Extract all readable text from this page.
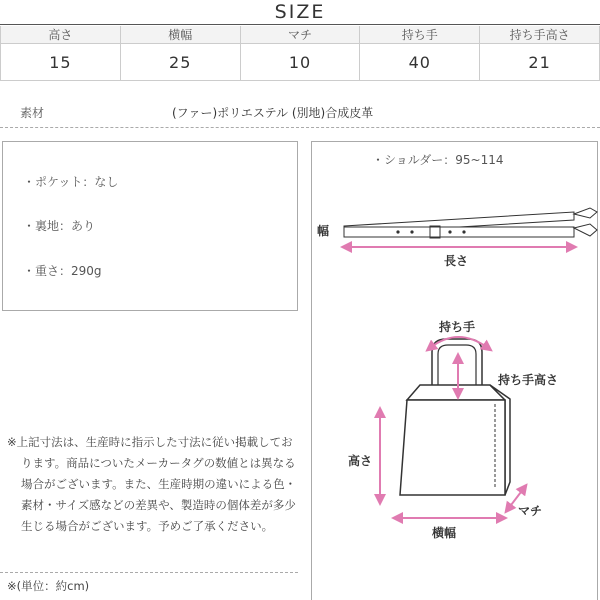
SIZE
高さ	横幅	マチ	持ち手	持ち手高さ
15	25	10	40	21
素材	(ファー)ポリエステル (別地)合成皮革
・ポケット：なし
・裏地：あり
・重さ：290g
※上記寸法は、生産時に指示した寸法に従い掲載しております。商品についたメーカータグの数値とは異なる場合がございます。また、生産時期の違いによる色・素材・サイズ感などの差異や、製造時の個体差が多少生じる場合がございます。予めご了承ください。
※(単位：約cm)
・ショルダー：95~114
幅
長さ
持ち手
持ち手高さ
高さ
マチ
横幅
